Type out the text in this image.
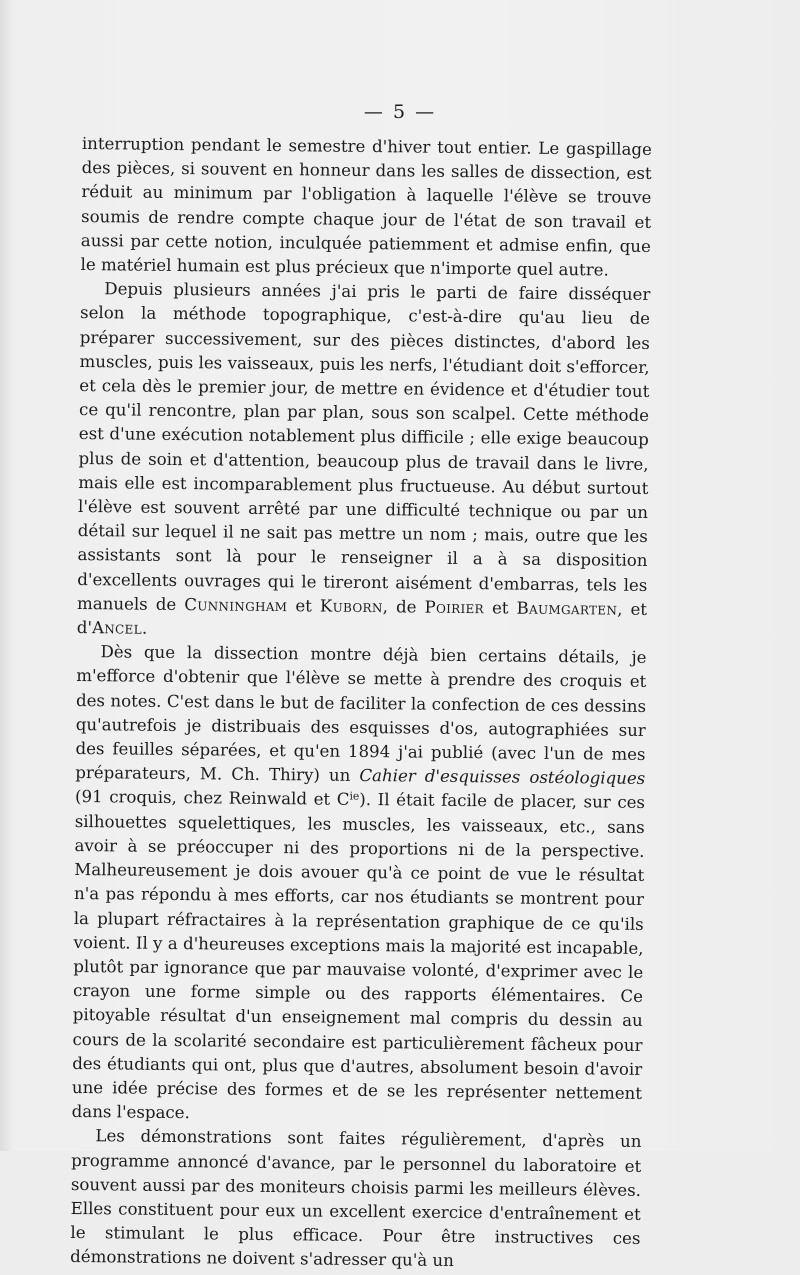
— 5 —

interruption pendant le semestre d'hiver tout entier. Le gaspillage des pièces, si souvent en honneur dans les salles de dissection, est réduit au minimum par l'obligation à laquelle l'élève se trouve soumis de rendre compte chaque jour de l'état de son travail et aussi par cette notion, inculquée patiemment et admise enfin, que le matériel humain est plus précieux que n'importe quel autre.

Depuis plusieurs années j'ai pris le parti de faire disséquer selon la méthode topographique, c'est-à-dire qu'au lieu de préparer successivement, sur des pièces distinctes, d'abord les muscles, puis les vaisseaux, puis les nerfs, l'étudiant doit s'efforcer, et cela dès le premier jour, de mettre en évidence et d'étudier tout ce qu'il rencontre, plan par plan, sous son scalpel. Cette méthode est d'une exécution notablement plus difficile ; elle exige beaucoup plus de soin et d'attention, beaucoup plus de travail dans le livre, mais elle est incomparablement plus fructueuse. Au début surtout l'élève est souvent arrêté par une difficulté technique ou par un détail sur lequel il ne sait pas mettre un nom ; mais, outre que les assistants sont là pour le renseigner il a à sa disposition d'excellents ouvrages qui le tireront aisément d'embarras, tels les manuels de Cunningham et Kuborn, de Poirier et Baumgarten, et d'Ancel.

Dès que la dissection montre déjà bien certains détails, je m'efforce d'obtenir que l'élève se mette à prendre des croquis et des notes. C'est dans le but de faciliter la confection de ces dessins qu'autrefois je distribuais des esquisses d'os, autographiées sur des feuilles séparées, et qu'en 1894 j'ai publié (avec l'un de mes préparateurs, M. Ch. Thiry) un Cahier d'esquisses ostéologiques (91 croquis, chez Reinwald et $C^{ie}$). Il était facile de placer, sur ces silhouettes squelettiques, les muscles, les vaisseaux, etc., sans avoir à se préoccuper ni des proportions ni de la perspective. Malheureusement je dois avouer qu'à ce point de vue le résultat n'a pas répondu à mes efforts, car nos étudiants se montrent pour la plupart réfractaires à la représentation graphique de ce qu'ils voient. Il y a d'heureuses exceptions mais la majorité est incapable, plutôt par ignorance que par mauvaise volonté, d'exprimer avec le crayon une forme simple ou des rapports élémentaires. Ce pitoyable résultat d'un enseignement mal compris du dessin au cours de la scolarité secondaire est particulièrement fâcheux pour des étudiants qui ont, plus que d'autres, absolument besoin d'avoir une idée précise des formes et de se les représenter nettement dans l'espace.

Les démonstrations sont faites régulièrement, d'après un programme annoncé d'avance, par le personnel du laboratoire et souvent aussi par des moniteurs choisis parmi les meilleurs élèves. Elles constituent pour eux un excellent exercice d'entraînement et le stimulant le plus efficace. Pour être instructives ces démonstrations ne doivent s'adresser qu'à un
